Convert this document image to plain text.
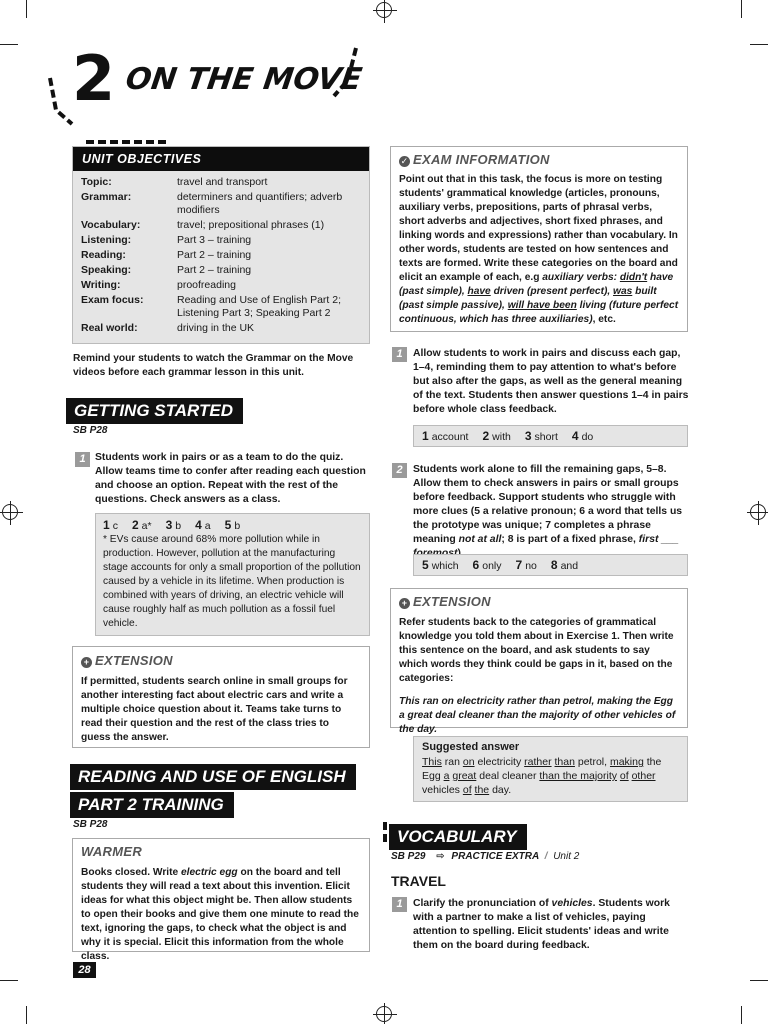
2 ON THE MOVE
UNIT OBJECTIVES
Topic:	travel and transport
Grammar:	determiners and quantifiers; adverb modifiers
Vocabulary:	travel; prepositional phrases (1)
Listening:	Part 3 – training
Reading:	Part 2 – training
Speaking:	Part 2 – training
Writing:	proofreading
Exam focus:	Reading and Use of English Part 2; Listening Part 3; Speaking Part 2
Real world:	driving in the UK
Remind your students to watch the Grammar on the Move videos before each grammar lesson in this unit.
GETTING STARTED
SB P28
1 Students work in pairs or as a team to do the quiz. Allow teams time to confer after reading each question and choose an option. Repeat with the rest of the questions. Check answers as a class.
1 c 2 a* 3 b 4 a 5 b
* EVs cause around 68% more pollution while in production. However, pollution at the manufacturing stage accounts for only a small proportion of the pollution caused by a vehicle in its lifetime. When production is combined with years of driving, an electric vehicle will cause roughly half as much pollution as a fossil fuel vehicle.
+ EXTENSION
If permitted, students search online in small groups for another interesting fact about electric cars and write a multiple choice question about it. Teams take turns to read their question and the rest of the class tries to guess the answer.
READING AND USE OF ENGLISH
PART 2 TRAINING
SB P28
WARMER
Books closed. Write electric egg on the board and tell students they will read a text about this invention. Elicit ideas for what this object might be. Then allow students to open their books and give them one minute to read the text, ignoring the gaps, to check what the object is and why it is special. Elicit this information from the whole class.
28
✓ EXAM INFORMATION
Point out that in this task, the focus is more on testing students' grammatical knowledge (articles, pronouns, auxiliary verbs, prepositions, parts of phrasal verbs, short adverbs and adjectives, short fixed phrases, and linking words and expressions) rather than vocabulary. In other words, students are tested on how sentences and texts are formed. Write these categories on the board and elicit an example of each, e.g auxiliary verbs: didn't have (past simple), have driven (present perfect), was built (past simple passive), will have been living (future perfect continuous, which has three auxiliaries), etc.
1	Allow students to work in pairs and discuss each gap, 1–4, reminding them to pay attention to what's before but also after the gaps, as well as the general meaning of the text. Students then answer questions 1–4 in pairs before whole class feedback.
1 account 2 with 3 short 4 do
2	Students work alone to fill the remaining gaps, 5–8. Allow them to check answers in pairs or small groups before feedback. Support students who struggle with more clues (5 a relative pronoun; 6 a word that tells us the prototype was unique; 7 completes a phrase meaning not at all; 8 is part of a fixed phrase, first ___
5 which 6 only 7 no 8 and
+ EXTENSION
Refer students back to the categories of grammatical knowledge you told them about in Exercise 1. Then write this sentence on the board, and ask students to say which words they think could be gaps in it, based on the categories:
This ran on electricity rather than petrol, making the Egg a great deal cleaner than the majority of other vehicles of the day.
Suggested answer
This ran on electricity rather than petrol, making the Egg a great deal cleaner than the majority of other vehicles of the day.
VOCABULARY
SB P29 ⇨ PRACTICE EXTRA / Unit 2
TRAVEL
1	Clarify the pronunciation of vehicles. Students work with a partner to make a list of vehicles, paying attention to spelling. Elicit students' ideas and write them on the board during feedback.
